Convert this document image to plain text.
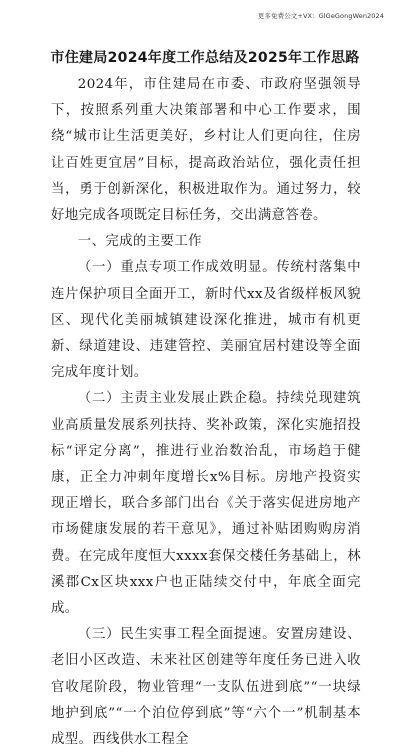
更多免费公文+VX：GlGeGongWen2024
市住建局2024年度工作总结及2025年工作思路

2024年，市住建局在市委、市政府坚强领导下，按照系列重大决策部署和中心工作要求，围绕“城市让生活更美好，乡村让人们更向往，住房让百姓更宜居”目标，提高政治站位，强化责任担当，勇于创新深化，积极进取作为。通过努力，较好地完成各项既定目标任务，交出满意答卷。

一、完成的主要工作

（一）重点专项工作成效明显。传统村落集中连片保护项目全面开工，新时代xx及省级样板风貌区、现代化美丽城镇建设深化推进，城市有机更新、绿道建设、违建管控、美丽宜居村建设等全面完成年度计划。

（二）主责主业发展止跌企稳。持续兑现建筑业高质量发展系列扶持、奖补政策，深化实施招投标“评定分离”，推进行业治数治乱，市场趋于健康，正全力冲刺年度增长x%目标。房地产投资实现正增长，联合多部门出台《关于落实促进房地产市场健康发展的若干意见》，通过补贴团购购房消费。在完成年度恒大xxxx套保交楼任务基础上，林溪郡Cx区块xxx户也正陆续交付中，年底全面完成。

（三）民生实事工程全面提速。安置房建设、老旧小区改造、未来社区创建等年度任务已进入收官收尾阶段，物业管理“一支队伍进到底”“一块绿地护到底”“一个泊位停到底”等“六个一”机制基本成型。西线供水工程全
